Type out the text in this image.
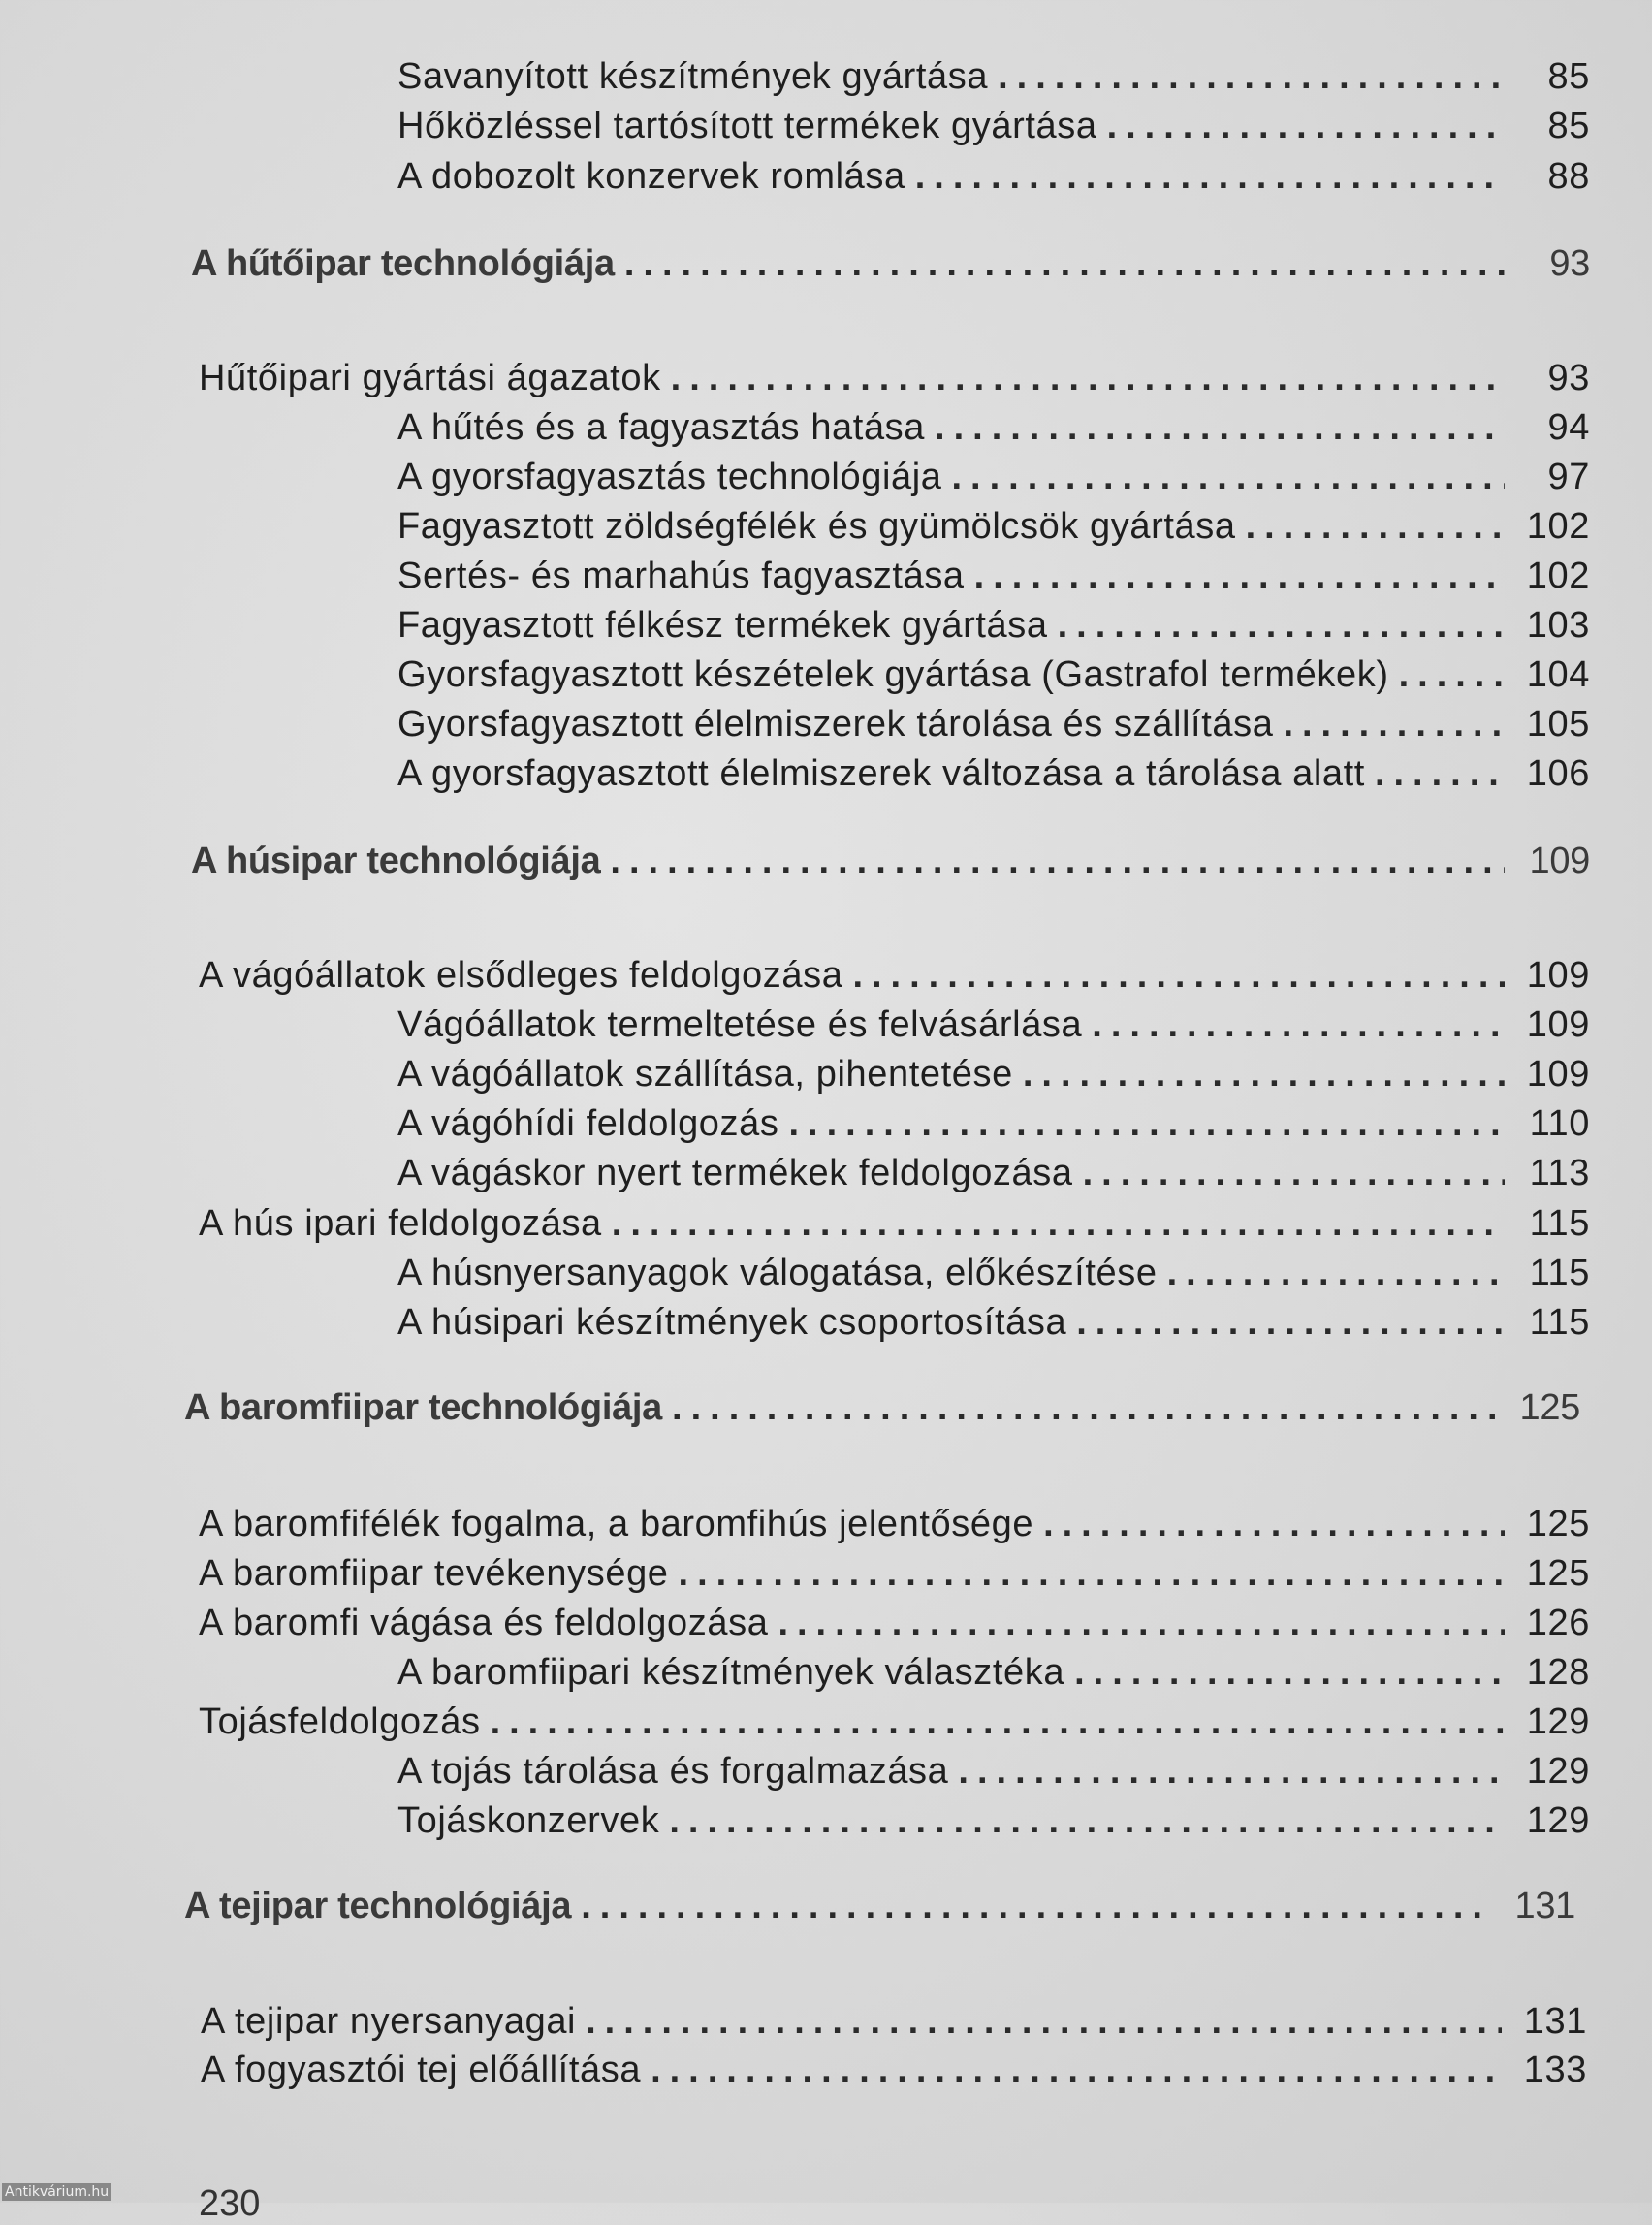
Savanyított készítmények gyártása .....	85
Hőközléssel tartósított termékek gyártása .....	85
A dobozolt konzervek romlása .....	88
A hűtőipar technológiája .....	93
Hűtőipari gyártási ágazatok .....	93
A hűtés és a fagyasztás hatása .....	94
A gyorsfagyasztás technológiája .....	97
Fagyasztott zöldségfélék és gyümölcsök gyártása .....	102
Sertés- és marhahús fagyasztása .....	102
Fagyasztott félkész termékek gyártása .....	103
Gyorsfagyasztott készételek gyártása (Gastrafol termékek) .....	104
Gyorsfagyasztott élelmiszerek tárolása és szállítása .....	105
A gyorsfagyasztott élelmiszerek változása a tárolása alatt .....	106
A húsipar technológiája .....	109
A vágóállatok elsődleges feldolgozása .....	109
Vágóállatok termeltetése és felvásárlása .....	109
A vágóállatok szállítása, pihentetése .....	109
A vágóhídi feldolgozás .....	110
A vágáskor nyert termékek feldolgozása .....	113
A hús ipari feldolgozása .....	115
A húsnyersanyagok válogatása, előkészítése .....	115
A húsipari készítmények csoportosítása .....	115
A baromfiipar technológiája .....	125
A baromfifélék fogalma, a baromfihús jelentősége .....	125
A baromfiipar tevékenysége .....	125
A baromfi vágása és feldolgozása .....	126
A baromfiipari készítmények választéka .....	128
Tojásfeldolgozás .....	129
A tojás tárolása és forgalmazása .....	129
Tojáskonzervek .....	129
A tejipar technológiája .....	131
A tejipar nyersanyagai .....	131
A fogyasztói tej előállítása .....	133
230
Antikvárium.hu
